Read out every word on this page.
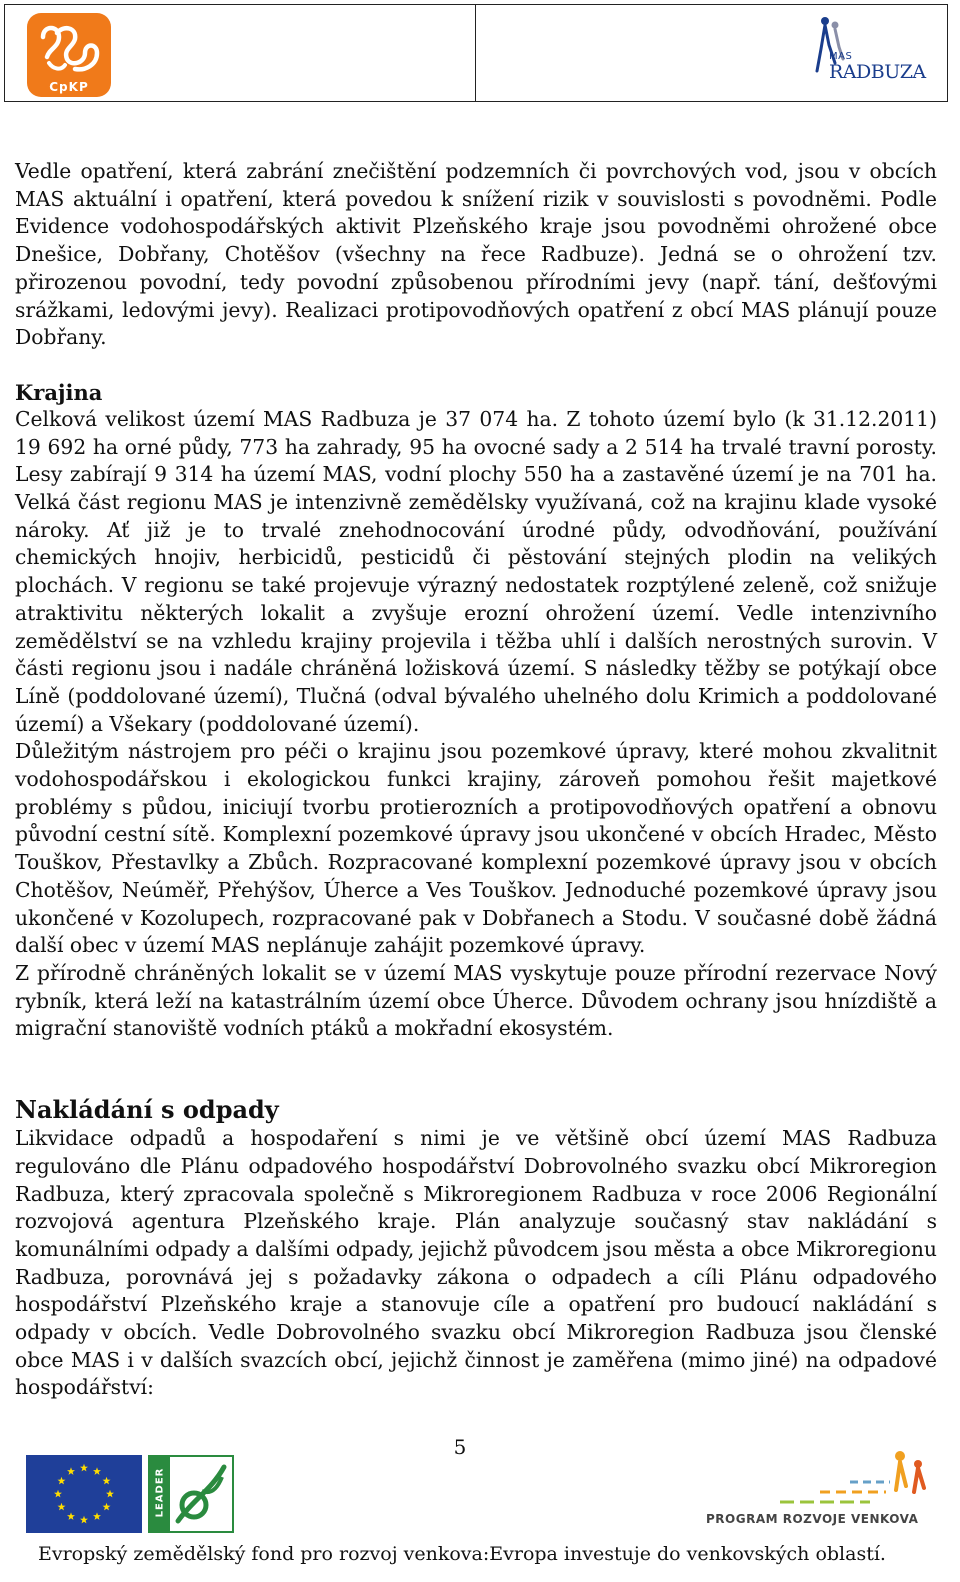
CpKP
MAS
RADBUZA

Vedle opatření, která zabrání znečištění podzemních či povrchových vod, jsou v obcích MAS aktuální i opatření, která povedou k snížení rizik v souvislosti s povodněmi. Podle Evidence vodohospodářských aktivit Plzeňského kraje jsou povodněmi ohrožené obce Dnešice, Dobřany, Chotěšov (všechny na řece Radbuze). Jedná se o ohrožení tzv. přirozenou povodní, tedy povodní způsobenou přírodními jevy (např. tání, dešťovými srážkami, ledovými jevy). Realizaci protipovodňových opatření z obcí MAS plánují pouze Dobřany.

Krajina

Celková velikost území MAS Radbuza je 37 074 ha. Z tohoto území bylo (k 31.12.2011) 19 692 ha orné půdy, 773 ha zahrady, 95 ha ovocné sady a 2 514 ha trvalé travní porosty. Lesy zabírají 9 314 ha území MAS, vodní plochy 550 ha a zastavěné území je na 701 ha. Velká část regionu MAS je intenzivně zemědělsky využívaná, což na krajinu klade vysoké nároky. Ať již je to trvalé znehodnocování úrodné půdy, odvodňování, používání chemických hnojiv, herbicidů, pesticidů či pěstování stejných plodin na velikých plochách. V regionu se také projevuje výrazný nedostatek rozptýlené zeleně, což snižuje atraktivitu některých lokalit a zvyšuje erozní ohrožení území. Vedle intenzivního zemědělství se na vzhledu krajiny projevila i těžba uhlí i dalších nerostných surovin. V části regionu jsou i nadále chráněná ložisková území. S následky těžby se potýkají obce Líně (poddolované území), Tlučná (odval bývalého uhelného dolu Krimich a poddolované území) a Všekary (poddolované území).

Důležitým nástrojem pro péči o krajinu jsou pozemkové úpravy, které mohou zkvalitnit vodohospodářskou i ekologickou funkci krajiny, zároveň pomohou řešit majetkové problémy s půdou, iniciují tvorbu protierozních a protipovodňových opatření a obnovu původní cestní sítě. Komplexní pozemkové úpravy jsou ukončené v obcích Hradec, Město Touškov, Přestavlky a Zbůch. Rozpracované komplexní pozemkové úpravy jsou v obcích Chotěšov, Neúměř, Přehýšov, Úherce a Ves Touškov. Jednoduché pozemkové úpravy jsou ukončené v Kozolupech, rozpracované pak v Dobřanech a Stodu. V současné době žádná další obec v území MAS neplánuje zahájit pozemkové úpravy.

Z přírodně chráněných lokalit se v území MAS vyskytuje pouze přírodní rezervace Nový rybník, která leží na katastrálním území obce Úherce. Důvodem ochrany jsou hnízdiště a migrační stanoviště vodních ptáků a mokřadní ekosystém.

Nakládání s odpady

Likvidace odpadů a hospodaření s nimi je ve většině obcí území MAS Radbuza regulováno dle Plánu odpadového hospodářství Dobrovolného svazku obcí Mikroregion Radbuza, který zpracovala společně s Mikroregionem Radbuza v roce 2006 Regionální rozvojová agentura Plzeňského kraje. Plán analyzuje současný stav nakládání s komunálními odpady a dalšími odpady, jejichž původcem jsou města a obce Mikroregionu Radbuza, porovnává jej s požadavky zákona o odpadech a cíli Plánu odpadového hospodářství Plzeňského kraje a stanovuje cíle a opatření pro budoucí nakládání s odpady v obcích. Vedle Dobrovolného svazku obcí Mikroregion Radbuza jsou členské obce MAS i v dalších svazcích obcí, jejichž činnost je zaměřena (mimo jiné) na odpadové hospodářství:

5
LEADER
PROGRAM ROZVOJE VENKOVA
Evropský zemědělský fond pro rozvoj venkova:Evropa investuje do venkovských oblastí.
